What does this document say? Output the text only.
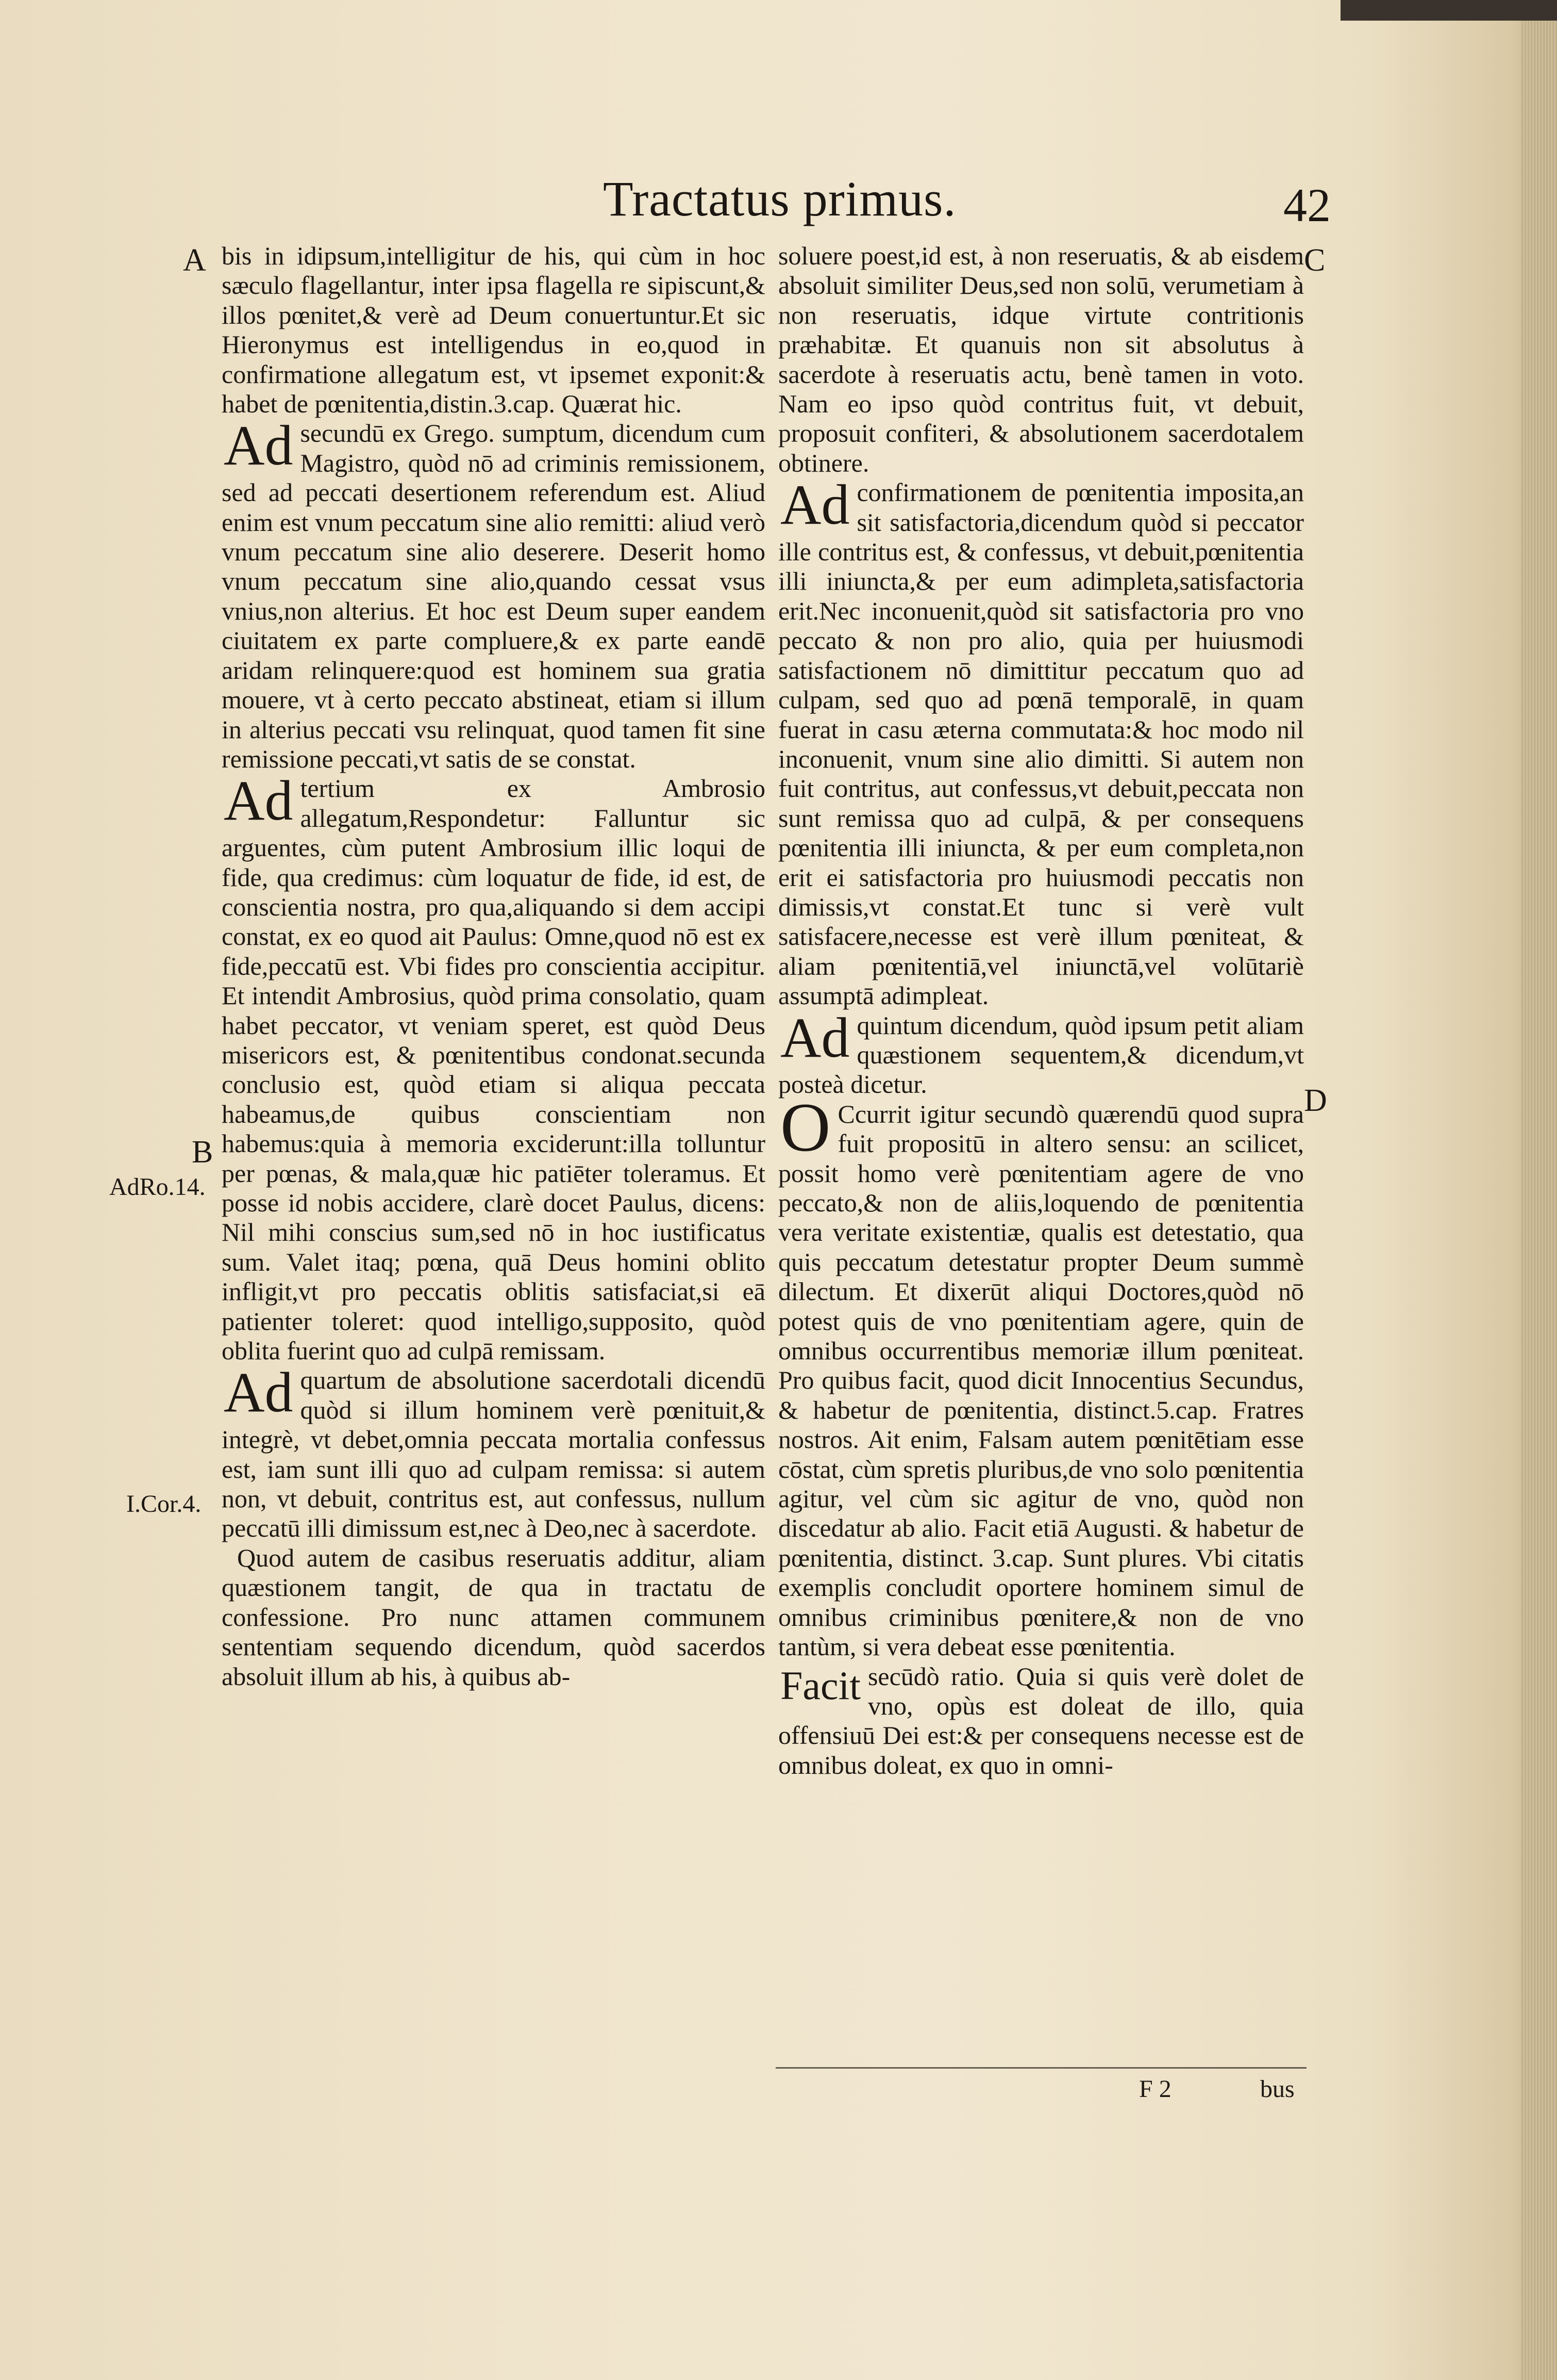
Tractatus primus.	42
A
B
C
D
AdRo.14.
I.Cor.4.

bis in idipsum,intelligitur de his, qui cùm in hoc sæculo flagellantur, inter ipsa flagella re sipiscunt,& illos pœnitet,& verè ad Deum conuertuntur.Et sic Hieronymus est intelligendus in eo,quod in confirmatione allegatum est, vt ipsemet exponit:& habet de pœnitentia,distin.3.cap. Quærat hic.

Ad secundū ex Grego. sumptum, dicendum cum Magistro, quòd nō ad criminis remissionem, sed ad peccati desertionem referendum est. Aliud enim est vnum peccatum sine alio remitti: aliud verò vnum peccatum sine alio deserere. Deserit homo vnum peccatum sine alio,quando cessat vsus vnius,non alterius. Et hoc est Deum super eandem ciuitatem ex parte compluere,& ex parte eandē aridam relinquere:quod est hominem sua gratia mouere, vt à certo peccato abstineat, etiam si illum in alterius peccati vsu relinquat, quod tamen fit sine remissione peccati,vt satis de se constat.

Ad tertium ex Ambrosio allegatum,Respondetur: Falluntur sic arguentes, cùm putent Ambrosium illic loqui de fide, qua credimus: cùm loquatur de fide, id est, de conscientia nostra, pro qua,aliquando si dem accipi constat, ex eo quod ait Paulus: Omne,quod nō est ex fide,peccatū est. Vbi fides pro conscientia accipitur. Et intendit Ambrosius, quòd prima consolatio, quam habet peccator, vt veniam speret, est quòd Deus misericors est, & pœnitentibus condonat.secunda conclusio est, quòd etiam si aliqua peccata habeamus,de quibus conscientiam non habemus:quia à memoria exciderunt:illa tolluntur per pœnas, & mala,quæ hic patiēter toleramus. Et posse id nobis accidere, clarè docet Paulus, dicens: Nil mihi conscius sum,sed nō in hoc iustificatus sum. Valet itaq; pœna, quā Deus homini oblito infligit,vt pro peccatis oblitis satisfaciat,si eā patienter toleret: quod intelligo,supposito, quòd oblita fuerint quo ad culpā remissam.

Ad quartum de absolutione sacerdotali dicendū quòd si illum hominem verè pœnituit,& integrè, vt debet,omnia peccata mortalia confessus est, iam sunt illi quo ad culpam remissa: si autem non, vt debuit, contritus est, aut confessus, nullum peccatū illi dimissum est,nec à Deo,nec à sacerdote.

Quod autem de casibus reseruatis additur, aliam quæstionem tangit, de qua in tractatu de confessione. Pro nunc attamen communem sententiam sequendo dicendum, quòd sacerdos absoluit illum ab his, à quibus ab-

soluere poest,id est, à non reseruatis, & ab eisdem absoluit similiter Deus,sed non solū, verumetiam à non reseruatis, idque virtute contritionis præhabitæ. Et quanuis non sit absolutus à sacerdote à reseruatis actu, benè tamen in voto. Nam eo ipso quòd contritus fuit, vt debuit, proposuit confiteri, & absolutionem sacerdotalem obtinere.

Ad confirmationem de pœnitentia imposita,an sit satisfactoria,dicendum quòd si peccator ille contritus est, & confessus, vt debuit,pœnitentia illi iniuncta,& per eum adimpleta,satisfactoria erit.Nec inconuenit,quòd sit satisfactoria pro vno peccato & non pro alio, quia per huiusmodi satisfactionem nō dimittitur peccatum quo ad culpam, sed quo ad pœnā temporalē, in quam fuerat in casu æterna commutata:& hoc modo nil inconuenit, vnum sine alio dimitti. Si autem non fuit contritus, aut confessus,vt debuit,peccata non sunt remissa quo ad culpā, & per consequens pœnitentia illi iniuncta, & per eum completa,non erit ei satisfactoria pro huiusmodi peccatis non dimissis,vt constat.Et tunc si verè vult satisfacere,necesse est verè illum pœniteat, & aliam pœnitentiā,vel iniunctā,vel volūtariè assumptā adimpleat.

Ad quintum dicendum, quòd ipsum petit aliam quæstionem sequentem,& dicendum,vt posteà dicetur.

O Ccurrit igitur secundò quærendū quod supra fuit propositū in altero sensu: an scilicet, possit homo verè pœnitentiam agere de vno peccato,& non de aliis,loquendo de pœnitentia vera veritate existentiæ, qualis est detestatio, qua quis peccatum detestatur propter Deum summè dilectum. Et dixerūt aliqui Doctores,quòd nō potest quis de vno pœnitentiam agere, quin de omnibus occurrentibus memoriæ illum pœniteat. Pro quibus facit, quod dicit Innocentius Secundus, & habetur de pœnitentia, distinct.5.cap. Fratres nostros. Ait enim, Falsam autem pœnitētiam esse cōstat, cùm spretis pluribus,de vno solo pœnitentia agitur, vel cùm sic agitur de vno, quòd non discedatur ab alio. Facit etiā Augusti. & habetur de pœnitentia, distinct. 3.cap. Sunt plures. Vbi citatis exemplis concludit oportere hominem simul de omnibus criminibus pœnitere,& non de vno tantùm, si vera debeat esse pœnitentia.

Facit secūdò ratio. Quia si quis verè dolet de vno, opùs est doleat de illo, quia offensiuū Dei est:& per consequens necesse est de omnibus doleat, ex quo in omni-

F 2	bus
